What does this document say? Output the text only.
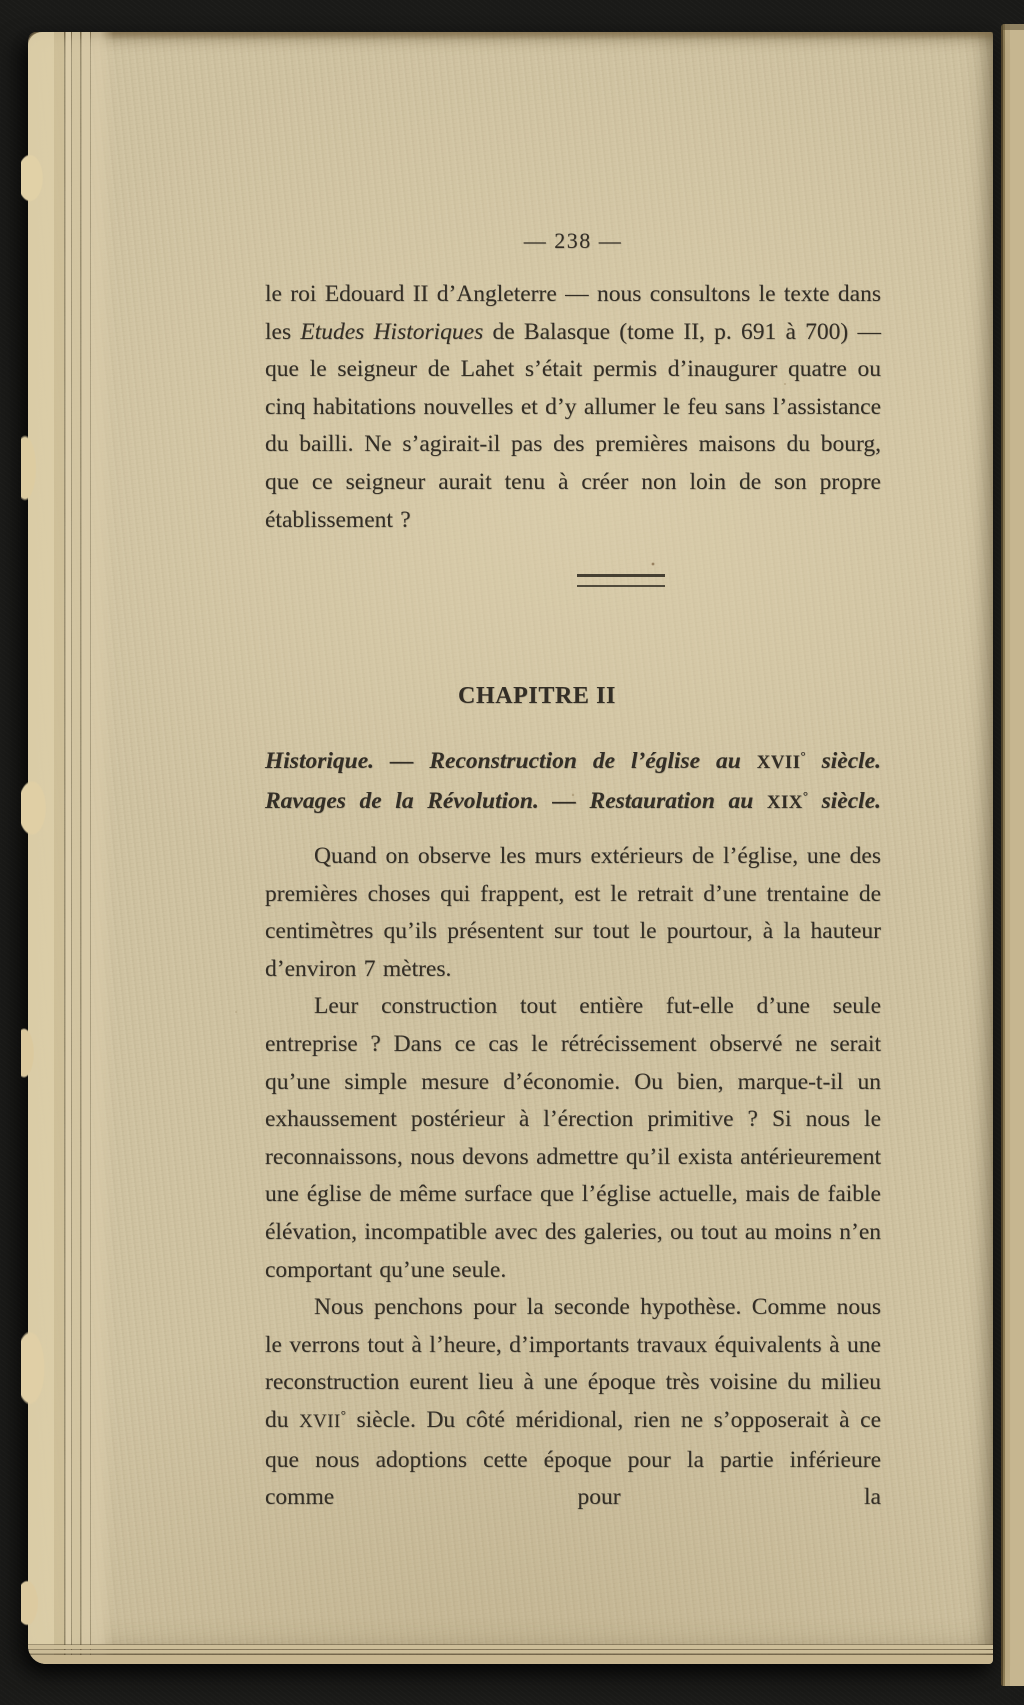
— 238 —
le roi Edouard II d’Angleterre — nous consultons le texte dans les Etudes Historiques de Balasque (tome II, p. 691 à 700) — que le seigneur de Lahet s’était permis d’inaugurer quatre ou cinq habitations nouvelles et d’y allumer le feu sans l’assistance du bailli. Ne s’agirait-il pas des premières maisons du bourg, que ce seigneur aurait tenu à créer non loin de son propre établissement ?
CHAPITRE II
Historique. — Reconstruction de l’église au XVII° siècle.
Ravages de la Révolution. — Restauration au XIX° siècle.

Quand on observe les murs extérieurs de l’église, une des premières choses qui frappent, est le retrait d’une trentaine de centimètres qu’ils présentent sur tout le pourtour, à la hauteur d’environ 7 mètres.

Leur construction tout entière fut-elle d’une seule entreprise ? Dans ce cas le rétrécissement observé ne serait qu’une simple mesure d’économie. Ou bien, marque-t-il un exhaussement postérieur à l’érection primitive ? Si nous le reconnaissons, nous devons admettre qu’il exista antérieurement une église de même surface que l’église actuelle, mais de faible élévation, incompatible avec des galeries, ou tout au moins n’en comportant qu’une seule.

Nous penchons pour la seconde hypothèse. Comme nous le verrons tout à l’heure, d’importants travaux équivalents à une reconstruction eurent lieu à une époque très voisine du milieu du XVII° siècle. Du côté méridional, rien ne s’opposerait à ce que nous adoptions cette époque pour la partie inférieure comme pour la
